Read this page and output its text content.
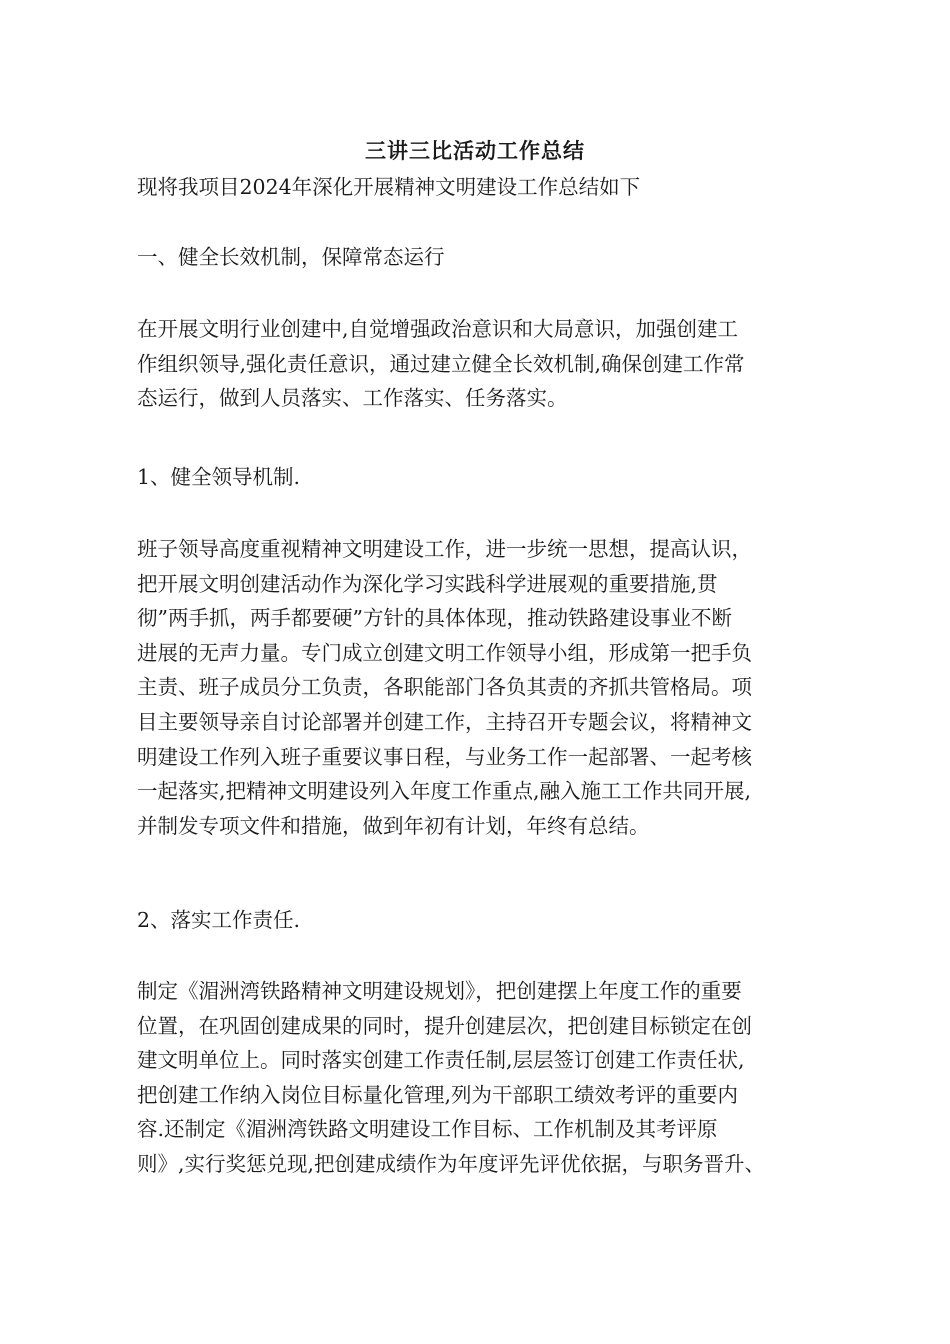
三讲三比活动工作总结

现将我项目2024年深化开展精神文明建设工作总结如下

一、健全长效机制，保障常态运行

在开展文明行业创建中,自觉增强政治意识和大局意识，加强创建工
作组织领导,强化责任意识，通过建立健全长效机制,确保创建工作常
态运行，做到人员落实、工作落实、任务落实。

1、健全领导机制.

班子领导高度重视精神文明建设工作，进一步统一思想，提高认识，
把开展文明创建活动作为深化学习实践科学进展观的重要措施,贯
彻”两手抓，两手都要硬”方针的具体体现，推动铁路建设事业不断
进展的无声力量。专门成立创建文明工作领导小组，形成第一把手负
主责、班子成员分工负责，各职能部门各负其责的齐抓共管格局。项
目主要领导亲自讨论部署并创建工作，主持召开专题会议，将精神文
明建设工作列入班子重要议事日程，与业务工作一起部署、一起考核
一起落实,把精神文明建设列入年度工作重点,融入施工工作共同开展,
并制发专项文件和措施，做到年初有计划，年终有总结。

2、落实工作责任.

制定《湄洲湾铁路精神文明建设规划》，把创建摆上年度工作的重要
位置，在巩固创建成果的同时，提升创建层次，把创建目标锁定在创
建文明单位上。同时落实创建工作责任制,层层签订创建工作责任状,
把创建工作纳入岗位目标量化管理,列为干部职工绩效考评的重要内
容.还制定《湄洲湾铁路文明建设工作目标、工作机制及其考评原
则》,实行奖惩兑现,把创建成绩作为年度评先评优依据，与职务晋升、
